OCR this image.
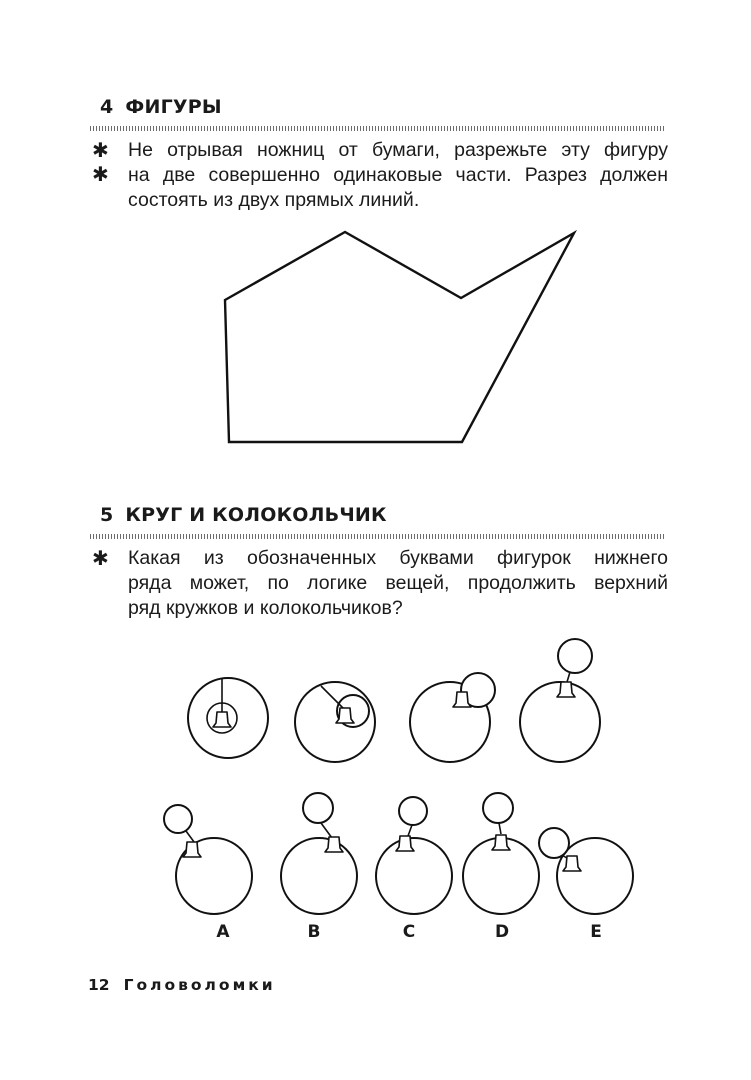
4 ФИГУРЫ
✱
✱
Не отрывая ножниц от бумаги, разрежьте эту фигуру
на две совершенно одинаковые части. Разрез должен
состоять из двух прямых линий.
5 КРУГ И КОЛОКОЛЬЧИК
✱ Какая из обозначенных буквами фигурок нижнего
ряда может, по логике вещей, продолжить верхний
ряд кружков и колокольчиков?
A	B	C	D	E
12 Головоломки
